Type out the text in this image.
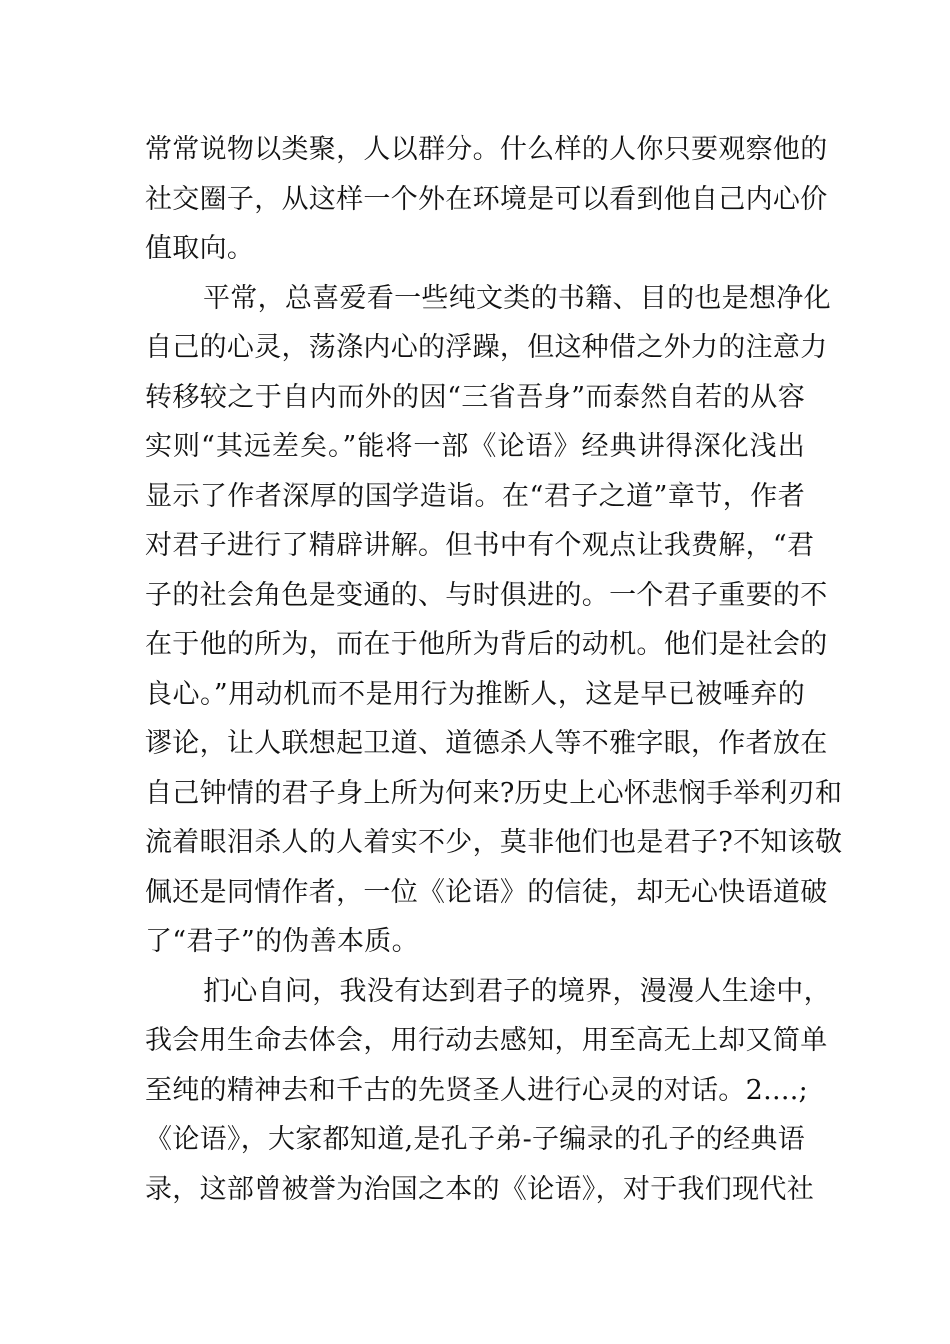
常常说物以类聚，人以群分。什么样的人你只要观察他的
社交圈子，从这样一个外在环境是可以看到他自己内心价
值取向。

平常，总喜爱看一些纯文类的书籍、目的也是想净化
自己的心灵，荡涤内心的浮躁，但这种借之外力的注意力
转移较之于自内而外的因“三省吾身”而泰然自若的从容
实则“其远差矣。”能将一部《论语》经典讲得深化浅出
显示了作者深厚的国学造诣。在“君子之道”章节，作者
对君子进行了精辟讲解。但书中有个观点让我费解，“君
子的社会角色是变通的、与时俱进的。一个君子重要的不
在于他的所为，而在于他所为背后的动机。他们是社会的
良心。”用动机而不是用行为推断人，这是早已被唾弃的
谬论，让人联想起卫道、道德杀人等不雅字眼，作者放在
自己钟情的君子身上所为何来?历史上心怀悲悯手举利刃和
流着眼泪杀人的人着实不少，莫非他们也是君子?不知该敬
佩还是同情作者，一位《论语》的信徒，却无心快语道破
了“君子”的伪善本质。

扪心自问，我没有达到君子的境界，漫漫人生途中，
我会用生命去体会，用行动去感知，用至高无上却又简单
至纯的精神去和千古的先贤圣人进行心灵的对话。2....;
《论语》，大家都知道,是孔子弟-子编录的孔子的经典语
录，这部曾被誉为治国之本的《论语》，对于我们现代社
